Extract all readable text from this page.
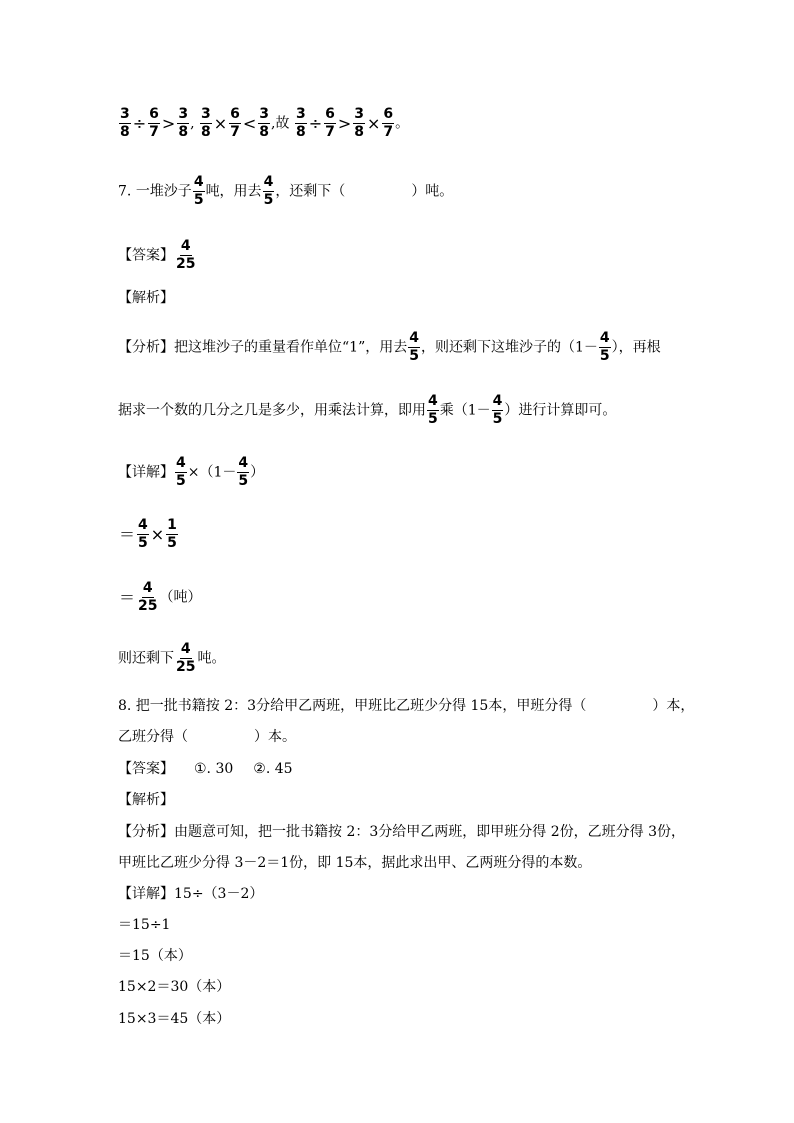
$\frac{3}{8} \div \frac{6}{7} > \frac{3}{8}$ , $\frac{3}{8} \times \frac{6}{7} < \frac{3}{8}$ ,故 $\frac{3}{8} \div \frac{6}{7} > \frac{3}{8} \times \frac{6}{7}$ 。
7. 一堆沙子 $\frac{4}{5}$ 吨，用去 $\frac{4}{5}$ ，还剩下（	）吨。
【答案】 $\frac{4}{25}$
【解析】
【分析】把这堆沙子的重量看作单位“1”，用去 $\frac{4}{5}$ ，则还剩下这堆沙子的（$1- \frac{4}{5}$ ），再根
据求一个数的几分之几是多少，用乘法计算，即用 $\frac{4}{5}$ 乘（$1- \frac{4}{5}$ ）进行计算即可。
【详解】 $\frac{4}{5} \times(1- \frac{4}{5}$ ）
＝ $\frac{4}{5} \times \frac{1}{5}$
＝ $\frac{4}{25}$ （吨）
则还剩下 $\frac{4}{25}$ 吨。
8. 把一批书籍按 2：3分给甲乙两班，甲班比乙班少分得 15本，甲班分得（	）本，
乙班分得（	）本。
【答案】 ①. 30 ②. 45
【解析】
【分析】由题意可知，把一批书籍按 2：3分给甲乙两班，即甲班分得 2份，乙班分得 3份，
甲班比乙班少分得 3－2＝1份，即 15本，据此求出甲、乙两班分得的本数。
【详解】15÷（3－2）
＝15÷1
＝15（本）
15×2＝30（本）
15×3＝45（本）
